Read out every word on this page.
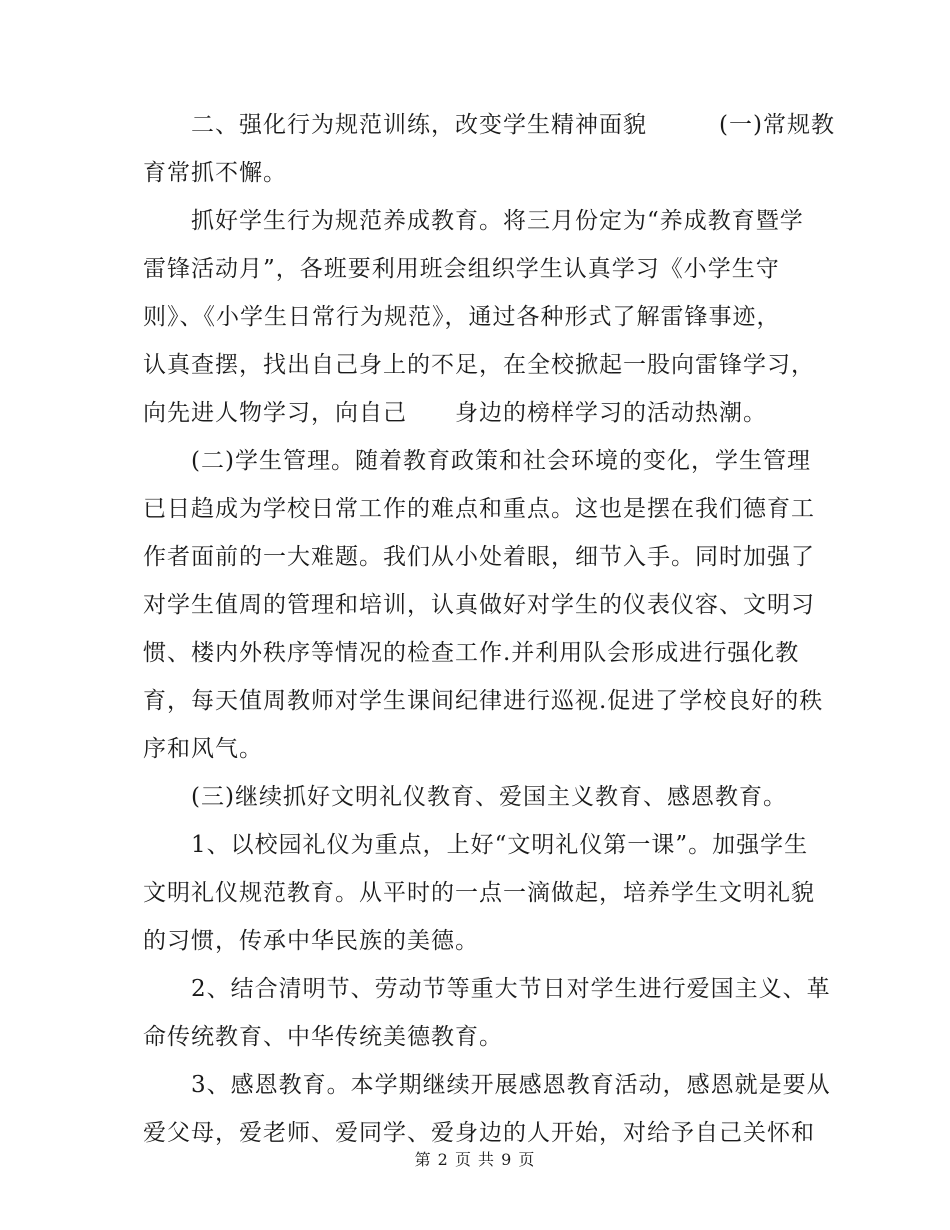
　　二、强化行为规范训练，改变学生精神面貌　　　(一)常规教
育常抓不懈。
　　抓好学生行为规范养成教育。将三月份定为“养成教育暨学
雷锋活动月”，各班要利用班会组织学生认真学习《小学生守
则》、《小学生日常行为规范》，通过各种形式了解雷锋事迹，
认真查摆，找出自己身上的不足，在全校掀起一股向雷锋学习，
向先进人物学习，向自己　　身边的榜样学习的活动热潮。
　　(二)学生管理。随着教育政策和社会环境的变化，学生管理
已日趋成为学校日常工作的难点和重点。这也是摆在我们德育工
作者面前的一大难题。我们从小处着眼，细节入手。同时加强了
对学生值周的管理和培训，认真做好对学生的仪表仪容、文明习
惯、楼内外秩序等情况的检查工作.并利用队会形成进行强化教
育，每天值周教师对学生课间纪律进行巡视.促进了学校良好的秩
序和风气。
　　(三)继续抓好文明礼仪教育、爱国主义教育、感恩教育。
　　1、以校园礼仪为重点，上好“文明礼仪第一课”。加强学生
文明礼仪规范教育。从平时的一点一滴做起，培养学生文明礼貌
的习惯，传承中华民族的美德。
　　2、结合清明节、劳动节等重大节日对学生进行爱国主义、革
命传统教育、中华传统美德教育。
　　3、感恩教育。本学期继续开展感恩教育活动，感恩就是要从
爱父母，爱老师、爱同学、爱身边的人开始，对给予自己关怀和
第 2 页 共 9 页
